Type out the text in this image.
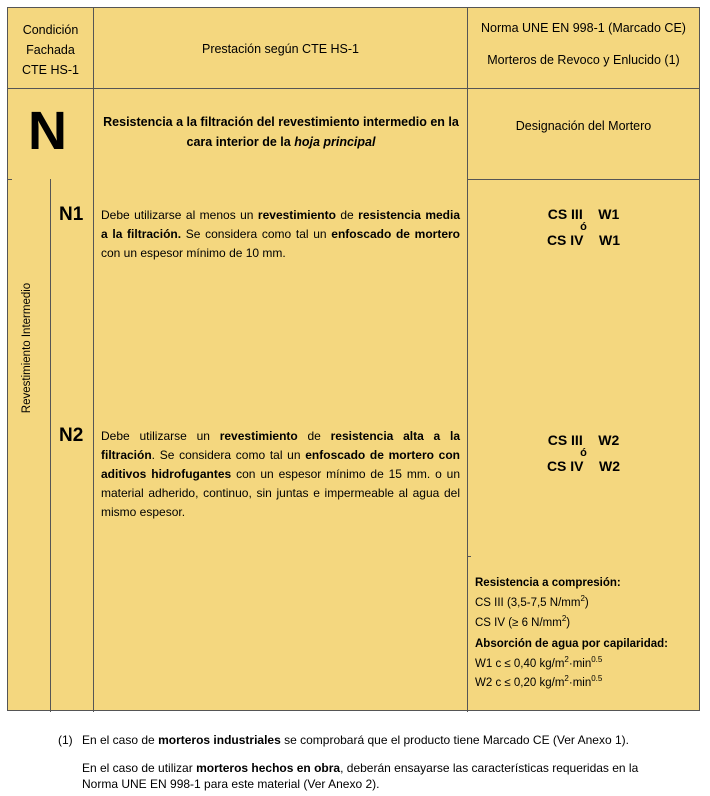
Condición
Fachada
CTE HS-1
Prestación según CTE HS-1
Norma UNE EN 998-1 (Marcado CE)
Morteros de Revoco y Enlucido (1)
N	Resistencia a la filtración del revestimiento intermedio en la cara interior de la hoja principal
Designación del Mortero
Revestimiento Intermedio
N1 Debe utilizarse al menos un revestimiento de resistencia media a la filtración. Se considera como tal un enfoscado de mortero con un espesor mínimo de 10 mm.
CS III    W1
ó
CS IV    W1
N2 Debe utilizarse un revestimiento de resistencia alta a la filtración. Se considera como tal un enfoscado de mortero con aditivos hidrofugantes con un espesor mínimo de 15 mm. o un material adherido, continuo, sin juntas e impermeable al agua del mismo espesor.
CS III    W2
ó
CS IV    W2
Resistencia a compresión:
CS III (3,5-7,5 $N/mm^2$)
CS IV (≥ 6 $N/mm^2$)
Absorción de agua por capilaridad:
W1 c ≤ 0,40 $kg/m^2\cdot\min^{0.5}$
W2 c ≤ 0,20 $kg/m^2\cdot\min^{0.5}$
(1) En el caso de morteros industriales se comprobará que el producto tiene Marcado CE (Ver Anexo 1).
En el caso de utilizar morteros hechos en obra, deberán ensayarse las características requeridas en la
Norma UNE EN 998-1 para este material (Ver Anexo 2).
